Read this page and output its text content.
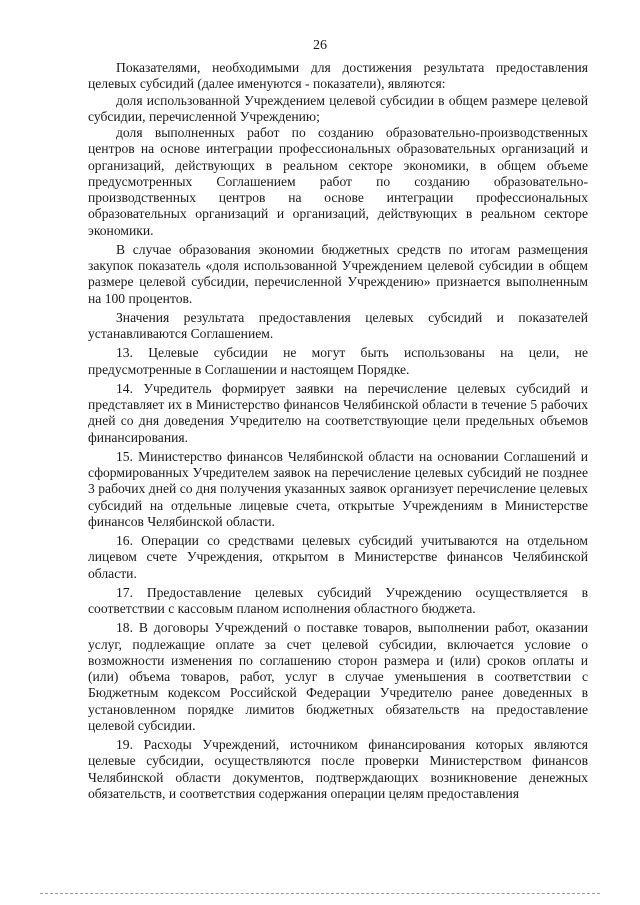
26

Показателями, необходимыми для достижения результата предоставления целевых субсидий (далее именуются - показатели), являются:

доля использованной Учреждением целевой субсидии в общем размере целевой субсидии, перечисленной Учреждению;

доля выполненных работ по созданию образовательно-производственных центров на основе интеграции профессиональных образовательных организаций и организаций, действующих в реальном секторе экономики, в общем объеме предусмотренных Соглашением работ по созданию образовательно-производственных центров на основе интеграции профессиональных образовательных организаций и организаций, действующих в реальном секторе экономики.

В случае образования экономии бюджетных средств по итогам размещения закупок показатель «доля использованной Учреждением целевой субсидии в общем размере целевой субсидии, перечисленной Учреждению» признается выполненным на 100 процентов.

Значения результата предоставления целевых субсидий и показателей устанавливаются Соглашением.

13. Целевые субсидии не могут быть использованы на цели, не предусмотренные в Соглашении и настоящем Порядке.

14. Учредитель формирует заявки на перечисление целевых субсидий и представляет их в Министерство финансов Челябинской области в течение 5 рабочих дней со дня доведения Учредителю на соответствующие цели предельных объемов финансирования.

15. Министерство финансов Челябинской области на основании Соглашений и сформированных Учредителем заявок на перечисление целевых субсидий не позднее 3 рабочих дней со дня получения указанных заявок организует перечисление целевых субсидий на отдельные лицевые счета, открытые Учреждениям в Министерстве финансов Челябинской области.

16. Операции со средствами целевых субсидий учитываются на отдельном лицевом счете Учреждения, открытом в Министерстве финансов Челябинской области.

17. Предоставление целевых субсидий Учреждению осуществляется в соответствии с кассовым планом исполнения областного бюджета.

18. В договоры Учреждений о поставке товаров, выполнении работ, оказании услуг, подлежащие оплате за счет целевой субсидии, включается условие о возможности изменения по соглашению сторон размера и (или) сроков оплаты и (или) объема товаров, работ, услуг в случае уменьшения в соответствии с Бюджетным кодексом Российской Федерации Учредителю ранее доведенных в установленном порядке лимитов бюджетных обязательств на предоставление целевой субсидии.

19. Расходы Учреждений, источником финансирования которых являются целевые субсидии, осуществляются после проверки Министерством финансов Челябинской области документов, подтверждающих возникновение денежных обязательств, и соответствия содержания операции целям предоставления
